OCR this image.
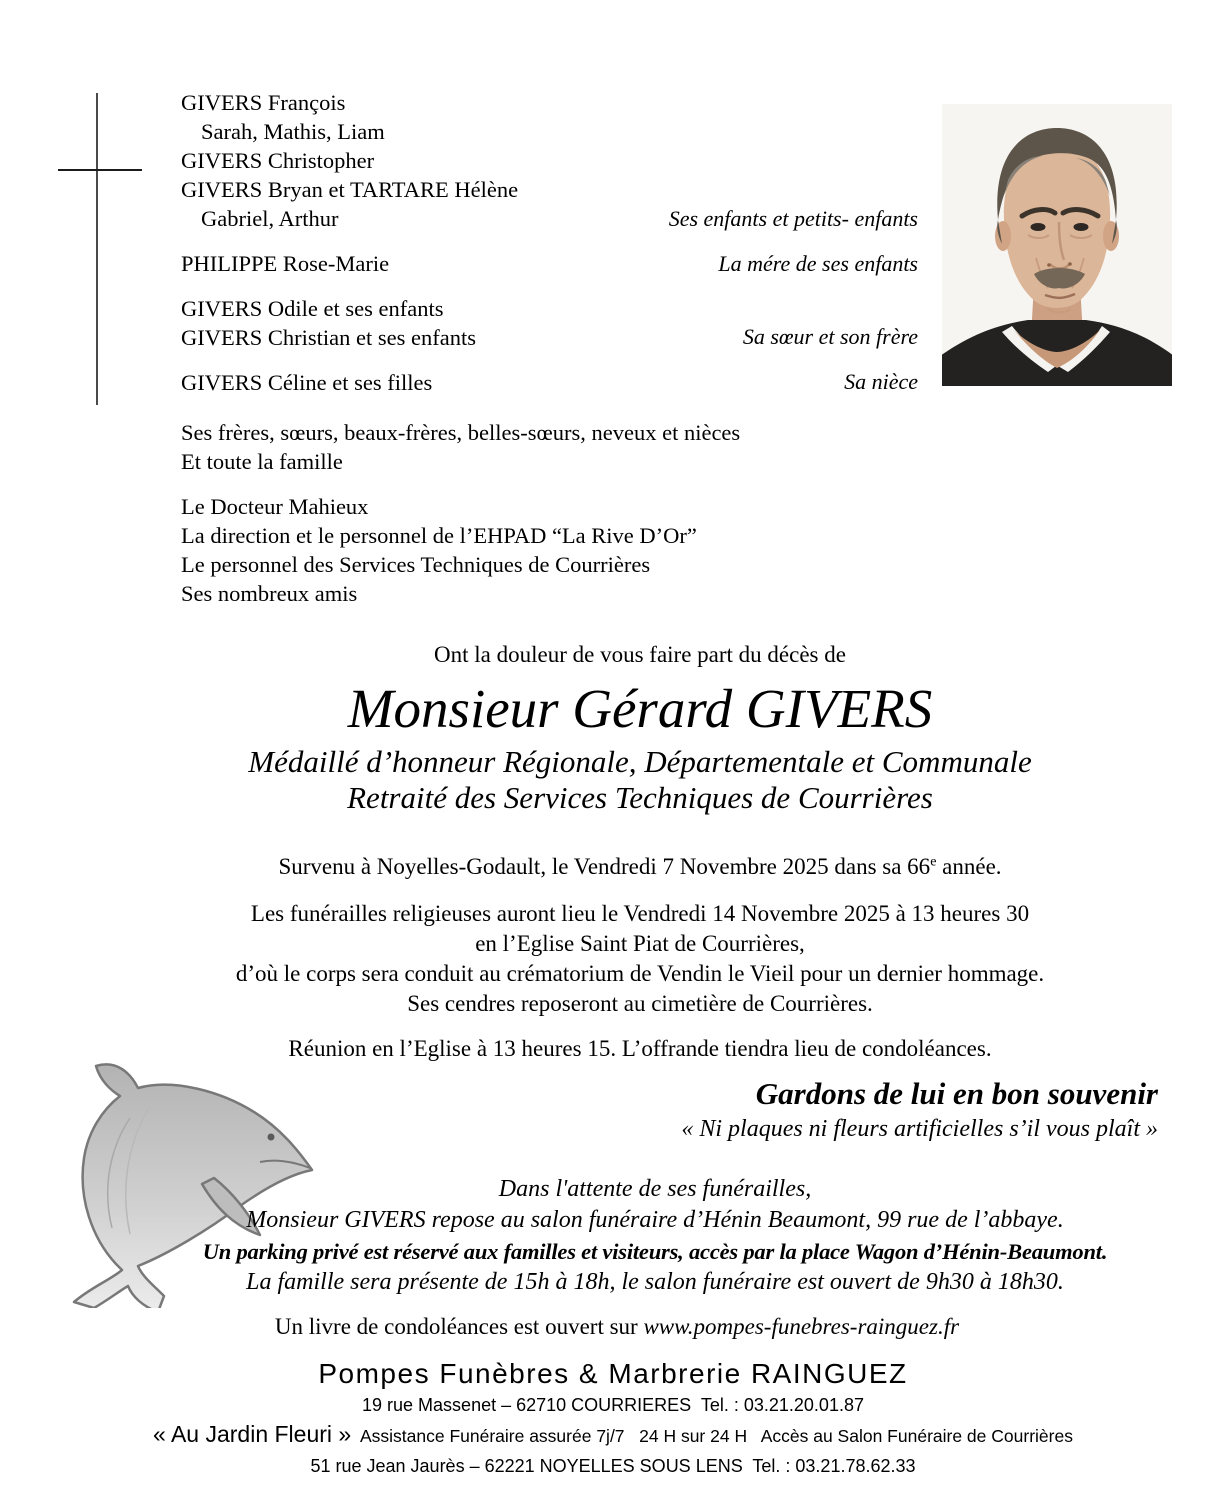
GIVERS François
Sarah, Mathis, Liam
GIVERS Christopher
GIVERS Bryan et TARTARE Hélène
Gabriel, Arthur
PHILIPPE Rose-Marie
GIVERS Odile et ses enfants
GIVERS Christian et ses enfants
GIVERS Céline et ses filles
Ses frères, sœurs, beaux-frères, belles-sœurs, neveux et nièces
Et toute la famille
Le Docteur Mahieux
La direction et le personnel de l’EHPAD “La Rive D’Or”
Le personnel des Services Techniques de Courrières
Ses nombreux amis
Ses enfants et petits- enfants
La mére de ses enfants
Sa sœur et son frère
Sa nièce
Ont la douleur de vous faire part du décès de
Monsieur Gérard GIVERS
Médaillé d’honneur Régionale, Départementale et Communale
Retraité des Services Techniques de Courrières
Survenu à Noyelles-Godault, le Vendredi 7 Novembre 2025 dans sa 66e année.
Les funérailles religieuses auront lieu le Vendredi 14 Novembre 2025 à 13 heures 30
en l’Eglise Saint Piat de Courrières,
d’où le corps sera conduit au crématorium de Vendin le Vieil pour un dernier hommage.
Ses cendres reposeront au cimetière de Courrières.
Réunion en l’Eglise à 13 heures 15. L’offrande tiendra lieu de condoléances.
Gardons de lui en bon souvenir
« Ni plaques ni fleurs artificielles s’il vous plaît »
Dans l'attente de ses funérailles,
Monsieur GIVERS repose au salon funéraire d’Hénin Beaumont, 99 rue de l’abbaye.
Un parking privé est réservé aux familles et visiteurs, accès par la place Wagon d’Hénin-Beaumont.
La famille sera présente de 15h à 18h, le salon funéraire est ouvert de 9h30 à 18h30.
Un livre de condoléances est ouvert sur www.pompes-funebres-rainguez.fr
Pompes Funèbres & Marbrerie RAINGUEZ
19 rue Massenet – 62710 COURRIERES  Tel. : 03.21.20.01.87
« Au Jardin Fleuri »  Assistance Funéraire assurée 7j/7   24 H sur 24 H   Accès au Salon Funéraire de Courrières
51 rue Jean Jaurès – 62221 NOYELLES SOUS LENS  Tel. : 03.21.78.62.33
